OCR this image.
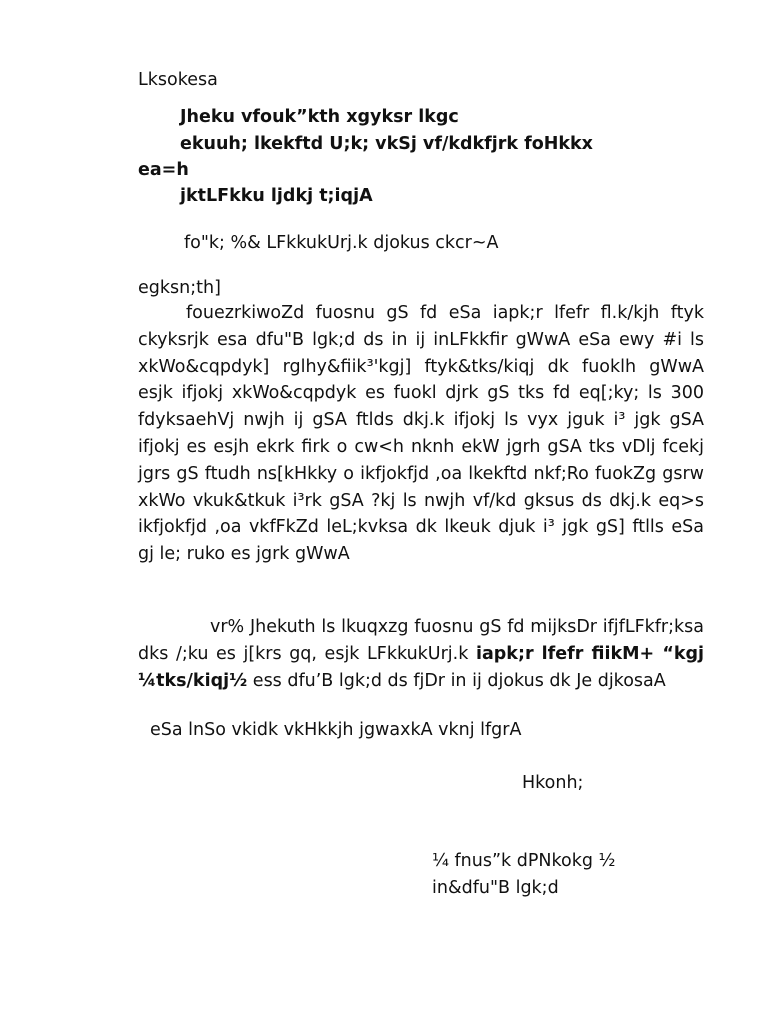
Lksokesa
Jheku vfouk”kth xgyksr lkgc
ekuuh; lkekftd U;k; vkSj vf/kdkfjrk foHkkx
ea=h
jktLFkku ljdkj t;iqjA
fo"k; %& LFkkukUrj.k djokus ckcr~A
egksn;th]

fouezrkiwoZd fuosnu gS fd eSa iapk;r lfefr fl.k/kjh ftyk ckyksrjk esa dfu"B lgk;d ds in ij inLFkkfir gWwA eSa ewy #i ls xkWo&cqpdyk] rglhy&fiik³'kgj] ftyk&tks/kiqj dk fuoklh gWwA esjk ifjokj xkWo&cqpdyk es fuokl djrk gS tks fd eq[;ky; ls 300 fdyksaehVj nwjh ij gSA ftlds dkj.k ifjokj ls vyx jguk i³ jgk gSA ifjokj es esjh ekrk firk o cw<h nknh ekW jgrh gSA tks vDlj fcekj jgrs gS ftudh ns[kHkky o ikfjokfjd ,oa lkekftd nkf;Ro fuokZg gsrw xkWo vkuk&tkuk i³rk gSA ?kj ls nwjh vf/kd gksus ds dkj.k eq>s ikfjokfjd ,oa vkfFkZd leL;kvksa dk lkeuk djuk i³ jgk gS] ftlls eSa gj le; ruko es jgrk gWwA

vr% Jhekuth ls lkuqxzg fuosnu gS fd mijksDr ifjfLFkfr;ksa dks /;ku es j[krs gq, esjk LFkkukUrj.k iapk;r lfefr fiikM+ “kgj ¼tks/kiqj½ ess dfu’B lgk;d ds fjDr in ij djokus dk Je djkosaA

eSa lnSo vkidk vkHkkjh jgwaxkA vknj lfgrA
Hkonh;
¼ fnus”k dPNkokg ½
in&dfu"B lgk;d
